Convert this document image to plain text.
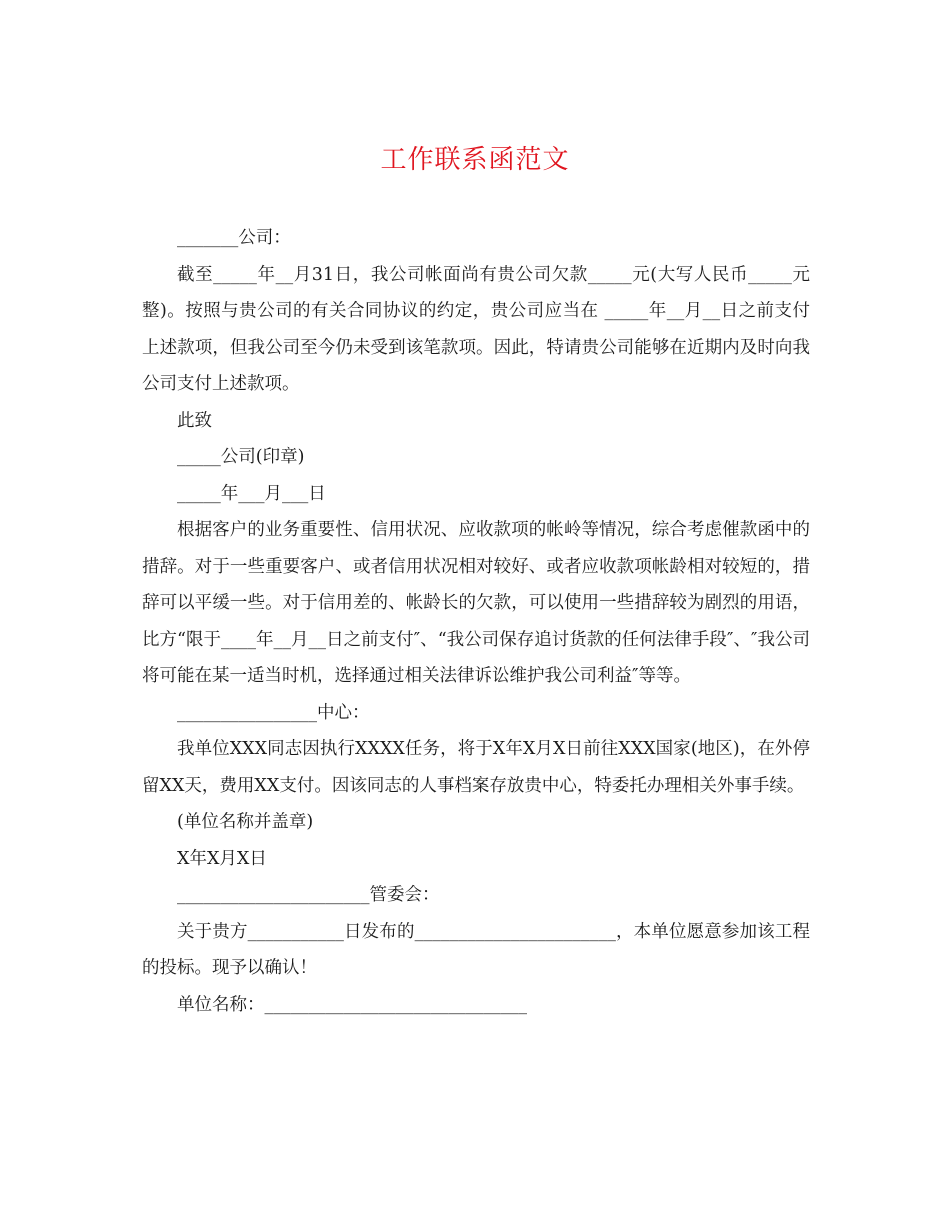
工作联系函范文

_______公司：

截至_____年__月31日，我公司帐面尚有贵公司欠款_____元(大写人民币_____元整)。按照与贵公司的有关合同协议的约定，贵公司应当在 _____年__月__日之前支付上述款项，但我公司至今仍未受到该笔款项。因此，特请贵公司能够在近期内及时向我公司支付上述款项。

此致

_____公司(印章)

_____年___月___日

根据客户的业务重要性、信用状况、应收款项的帐岭等情况，综合考虑催款函中的措辞。对于一些重要客户、或者信用状况相对较好、或者应收款项帐龄相对较短的，措辞可以平缓一些。对于信用差的、帐龄长的欠款，可以使用一些措辞较为剧烈的用语，比方“限于____年__月__日之前支付″、“我公司保存追讨货款的任何法律手段″、″我公司将可能在某一适当时机，选择通过相关法律诉讼维护我公司利益″等等。

________________中心：

我单位XXX同志因执行XXXX任务，将于X年X月X日前往XXX国家(地区)，在外停留XX天，费用XX支付。因该同志的人事档案存放贵中心，特委托办理相关外事手续。

(单位名称并盖章)

X年X月X日

______________________管委会：

关于贵方___________日发布的_______________________，本单位愿意参加该工程的投标。现予以确认！

单位名称：______________________________
